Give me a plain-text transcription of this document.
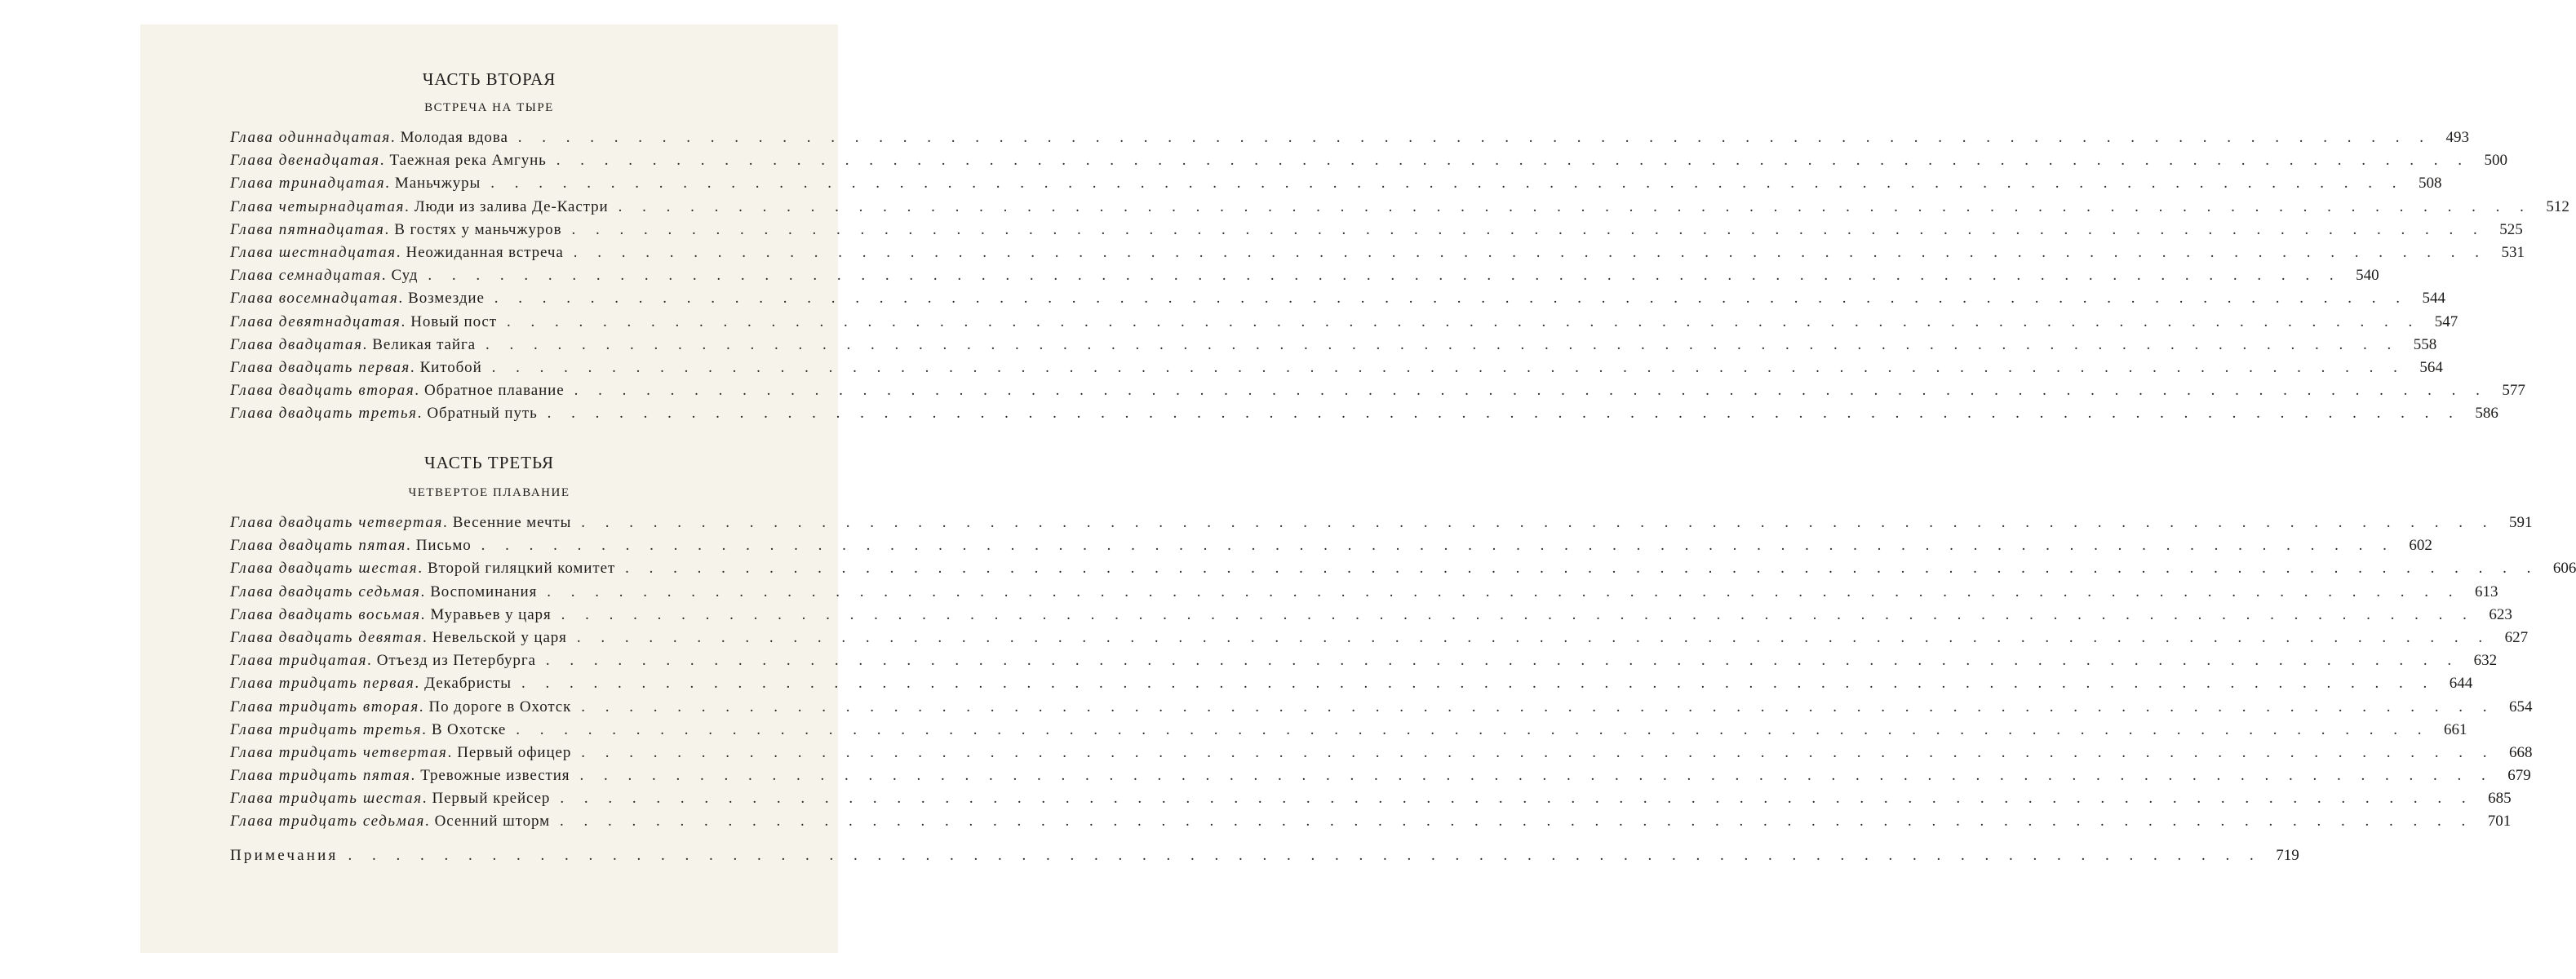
ЧАСТЬ ВТОРАЯ
ВСТРЕЧА НА ТЫРЕ
Глава одиннадцатая . Молодая вдова . . . . . . . . . . . . . . . . . . . . . . . . . . . . . . . . . . . . . . . . . . . . . . . . . . . . . . . . . . . . . . . . . . . . . . . . . . . . . . . . 493
Глава двенадцатая . Таежная река Амгунь . . . . . . . . . . . . . . . . . . . . . . . . . . . . . . . . . . . . . . . . . . . . . . . . . . . . . . . . . . . . . . . . . . . . . . . . . . . . . . . . 500
Глава тринадцатая . Маньчжуры . . . . . . . . . . . . . . . . . . . . . . . . . . . . . . . . . . . . . . . . . . . . . . . . . . . . . . . . . . . . . . . . . . . . . . . . . . . . . . . . 508
Глава четырнадцатая . Люди из залива Де-Кастри . . . . . . . . . . . . . . . . . . . . . . . . . . . . . . . . . . . . . . . . . . . . . . . . . . . . . . . . . . . . . . . . . . . . . . . . . . . . . . . . 512
Глава пятнадцатая . В гостях у маньчжуров . . . . . . . . . . . . . . . . . . . . . . . . . . . . . . . . . . . . . . . . . . . . . . . . . . . . . . . . . . . . . . . . . . . . . . . . . . . . . . . . 525
Глава шестнадцатая . Неожиданная встреча . . . . . . . . . . . . . . . . . . . . . . . . . . . . . . . . . . . . . . . . . . . . . . . . . . . . . . . . . . . . . . . . . . . . . . . . . . . . . . . . 531
Глава семнадцатая . Суд . . . . . . . . . . . . . . . . . . . . . . . . . . . . . . . . . . . . . . . . . . . . . . . . . . . . . . . . . . . . . . . . . . . . . . . . . . . . . . . . 540
Глава восемнадцатая . Возмездие . . . . . . . . . . . . . . . . . . . . . . . . . . . . . . . . . . . . . . . . . . . . . . . . . . . . . . . . . . . . . . . . . . . . . . . . . . . . . . . . 544
Глава девятнадцатая . Новый пост . . . . . . . . . . . . . . . . . . . . . . . . . . . . . . . . . . . . . . . . . . . . . . . . . . . . . . . . . . . . . . . . . . . . . . . . . . . . . . . . 547
Глава двадцатая . Великая тайга . . . . . . . . . . . . . . . . . . . . . . . . . . . . . . . . . . . . . . . . . . . . . . . . . . . . . . . . . . . . . . . . . . . . . . . . . . . . . . . . 558
Глава двадцать первая . Китобой . . . . . . . . . . . . . . . . . . . . . . . . . . . . . . . . . . . . . . . . . . . . . . . . . . . . . . . . . . . . . . . . . . . . . . . . . . . . . . . . 564
Глава двадцать вторая . Обратное плавание . . . . . . . . . . . . . . . . . . . . . . . . . . . . . . . . . . . . . . . . . . . . . . . . . . . . . . . . . . . . . . . . . . . . . . . . . . . . . . . . 577
Глава двадцать третья . Обратный путь . . . . . . . . . . . . . . . . . . . . . . . . . . . . . . . . . . . . . . . . . . . . . . . . . . . . . . . . . . . . . . . . . . . . . . . . . . . . . . . . 586
ЧАСТЬ ТРЕТЬЯ
ЧЕТВЕРТОЕ ПЛАВАНИЕ
Глава двадцать четвертая . Весенние мечты . . . . . . . . . . . . . . . . . . . . . . . . . . . . . . . . . . . . . . . . . . . . . . . . . . . . . . . . . . . . . . . . . . . . . . . . . . . . . . . . 591
Глава двадцать пятая . Письмо . . . . . . . . . . . . . . . . . . . . . . . . . . . . . . . . . . . . . . . . . . . . . . . . . . . . . . . . . . . . . . . . . . . . . . . . . . . . . . . . 602
Глава двадцать шестая . Второй гиляцкий комитет . . . . . . . . . . . . . . . . . . . . . . . . . . . . . . . . . . . . . . . . . . . . . . . . . . . . . . . . . . . . . . . . . . . . . . . . . . . . . . . . 606
Глава двадцать седьмая . Воспоминания . . . . . . . . . . . . . . . . . . . . . . . . . . . . . . . . . . . . . . . . . . . . . . . . . . . . . . . . . . . . . . . . . . . . . . . . . . . . . . . . 613
Глава двадцать восьмая . Муравьев у царя . . . . . . . . . . . . . . . . . . . . . . . . . . . . . . . . . . . . . . . . . . . . . . . . . . . . . . . . . . . . . . . . . . . . . . . . . . . . . . . . 623
Глава двадцать девятая . Невельской у царя . . . . . . . . . . . . . . . . . . . . . . . . . . . . . . . . . . . . . . . . . . . . . . . . . . . . . . . . . . . . . . . . . . . . . . . . . . . . . . . . 627
Глава тридцатая . Отъезд из Петербурга . . . . . . . . . . . . . . . . . . . . . . . . . . . . . . . . . . . . . . . . . . . . . . . . . . . . . . . . . . . . . . . . . . . . . . . . . . . . . . . . 632
Глава тридцать первая . Декабристы . . . . . . . . . . . . . . . . . . . . . . . . . . . . . . . . . . . . . . . . . . . . . . . . . . . . . . . . . . . . . . . . . . . . . . . . . . . . . . . . 644
Глава тридцать вторая . По дороге в Охотск . . . . . . . . . . . . . . . . . . . . . . . . . . . . . . . . . . . . . . . . . . . . . . . . . . . . . . . . . . . . . . . . . . . . . . . . . . . . . . . . 654
Глава тридцать третья . В Охотске . . . . . . . . . . . . . . . . . . . . . . . . . . . . . . . . . . . . . . . . . . . . . . . . . . . . . . . . . . . . . . . . . . . . . . . . . . . . . . . . 661
Глава тридцать четвертая . Первый офицер . . . . . . . . . . . . . . . . . . . . . . . . . . . . . . . . . . . . . . . . . . . . . . . . . . . . . . . . . . . . . . . . . . . . . . . . . . . . . . . . 668
Глава тридцать пятая . Тревожные известия . . . . . . . . . . . . . . . . . . . . . . . . . . . . . . . . . . . . . . . . . . . . . . . . . . . . . . . . . . . . . . . . . . . . . . . . . . . . . . . . 679
Глава тридцать шестая . Первый крейсер . . . . . . . . . . . . . . . . . . . . . . . . . . . . . . . . . . . . . . . . . . . . . . . . . . . . . . . . . . . . . . . . . . . . . . . . . . . . . . . . 685
Глава тридцать седьмая . Осенний шторм . . . . . . . . . . . . . . . . . . . . . . . . . . . . . . . . . . . . . . . . . . . . . . . . . . . . . . . . . . . . . . . . . . . . . . . . . . . . . . . . 701
Примечания . . . . . . . . . . . . . . . . . . . . . . . . . . . . . . . . . . . . . . . . . . . . . . . . . . . . . . . . . . . . . . . . . . . . . . . . . . . . . . . . 719
